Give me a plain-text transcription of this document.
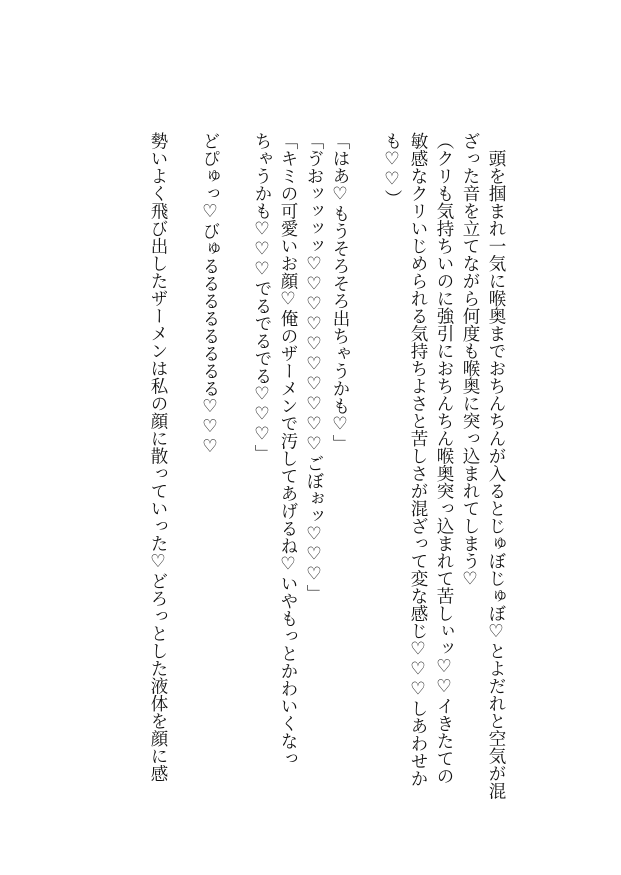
　頭を掴まれ一気に喉奥までおちんちんが入るとじゅぼじゅぼ♡とよだれと空気が混
ざった音を立てながら何度も喉奥に突っ込まれてしまう♡
（クリも気持ちいのに強引におちんちん喉奥突っ込まれて苦しぃッ♡♡イきたての
敏感なクリいじめられる気持ちよさと苦しさが混ざって変な感じ♡♡♡しあわせか
も♡♡）
「はあ♡もうそろそろ出ちゃうかも♡」
「ゔおッッッッ♡♡♡♡♡♡♡♡♡♡ごぼぉッ♡♡♡」
「キミの可愛いお顔♡俺のザーメンで汚してあげるね♡いやもっとかわいくなっ
ちゃうかも♡♡♡でるでるでる♡♡♡」
どぴゅっ♡びゅるるるるるるるる♡♡♡
勢いよく飛び出したザーメンは私の顔に散っていった♡どろっとした液体を顔に感
